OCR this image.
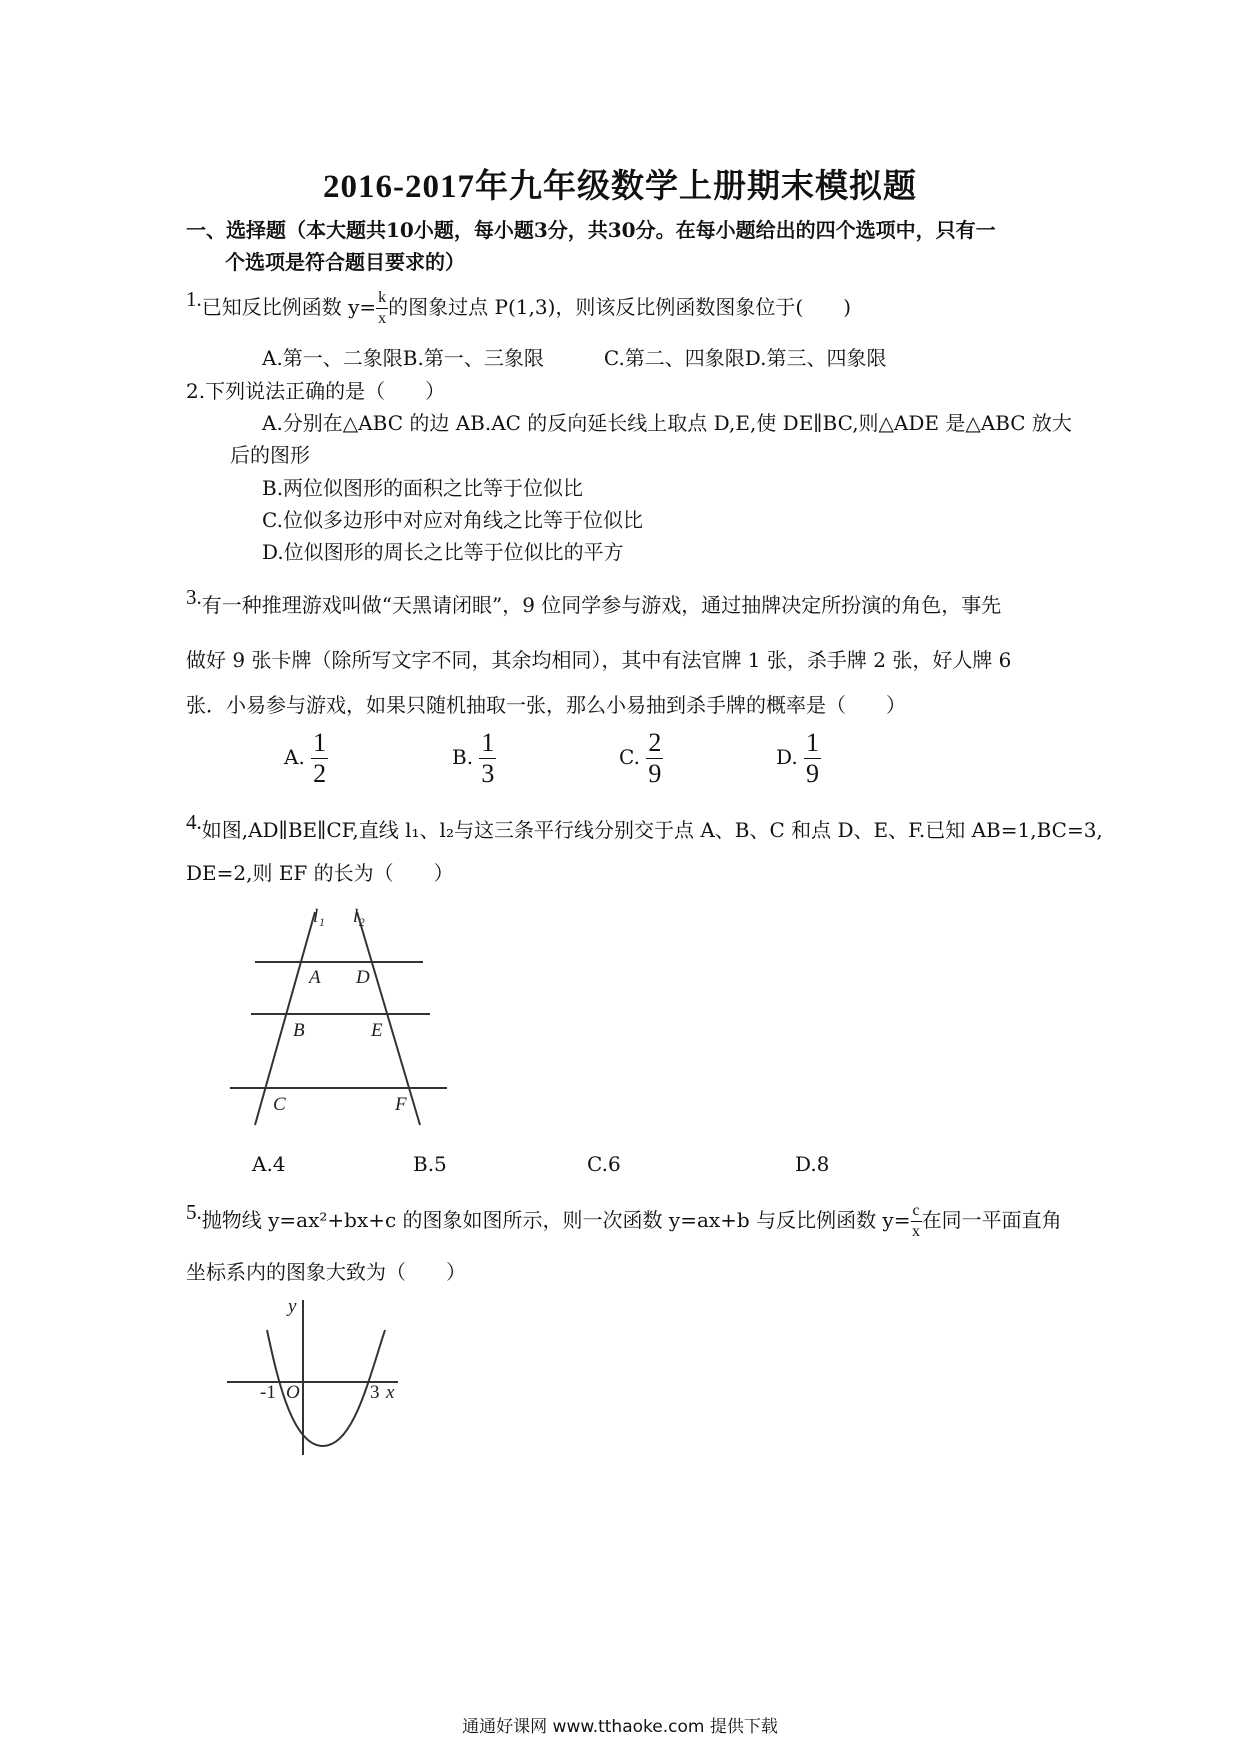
2016-2017年九年级数学上册期末模拟题
一、选择题（本大题共10小题，每小题3分，共30分。在每小题给出的四个选项中，只有一
个选项是符合题目要求的）
1.已知反比例函数 $y= \frac{k}{x}$ 的图象过点 P(1,3)，则该反比例函数图象位于(　　)
A.第一、二象限B.第一、三象限　　　C.第二、四象限D.第三、四象限
2.下列说法正确的是（　　）
A.分别在△ABC 的边 AB.AC 的反向延长线上取点 D,E,使 DE∥BC,则△ADE 是△ABC 放大
后的图形
B.两位似图形的面积之比等于位似比
C.位似多边形中对应对角线之比等于位似比
D.位似图形的周长之比等于位似比的平方
3.有一种推理游戏叫做“天黑请闭眼”，9 位同学参与游戏，通过抽牌决定所扮演的角色，事先
做好 9 张卡牌（除所写文字不同，其余均相同），其中有法官牌 1 张，杀手牌 2 张，好人牌 6
张．小易参与游戏，如果只随机抽取一张，那么小易抽到杀手牌的概率是（　　）
A. $\frac{1}{2}$	B. $\frac{1}{3}$	C. $\frac{2}{9}$	D. $\frac{1}{9}$
4.如图,AD∥BE∥CF,直线 l₁、l₂与这三条平行线分别交于点 A、B、C 和点 D、E、F.已知 AB=1,BC=3,
DE=2,则 EF 的长为（　　）
l₁ l₂
A D
B	E
C	F
A.4	B.5	C.6	D.8
5.抛物线 y=ax²+bx+c 的图象如图所示，则一次函数 y=ax+b 与反比例函数 $y= \frac{c}{x}$ 在同一平面直角
坐标系内的图象大致为（　　）
y
x
-1 O	3
通通好课网 www.tthaoke.com 提供下载
